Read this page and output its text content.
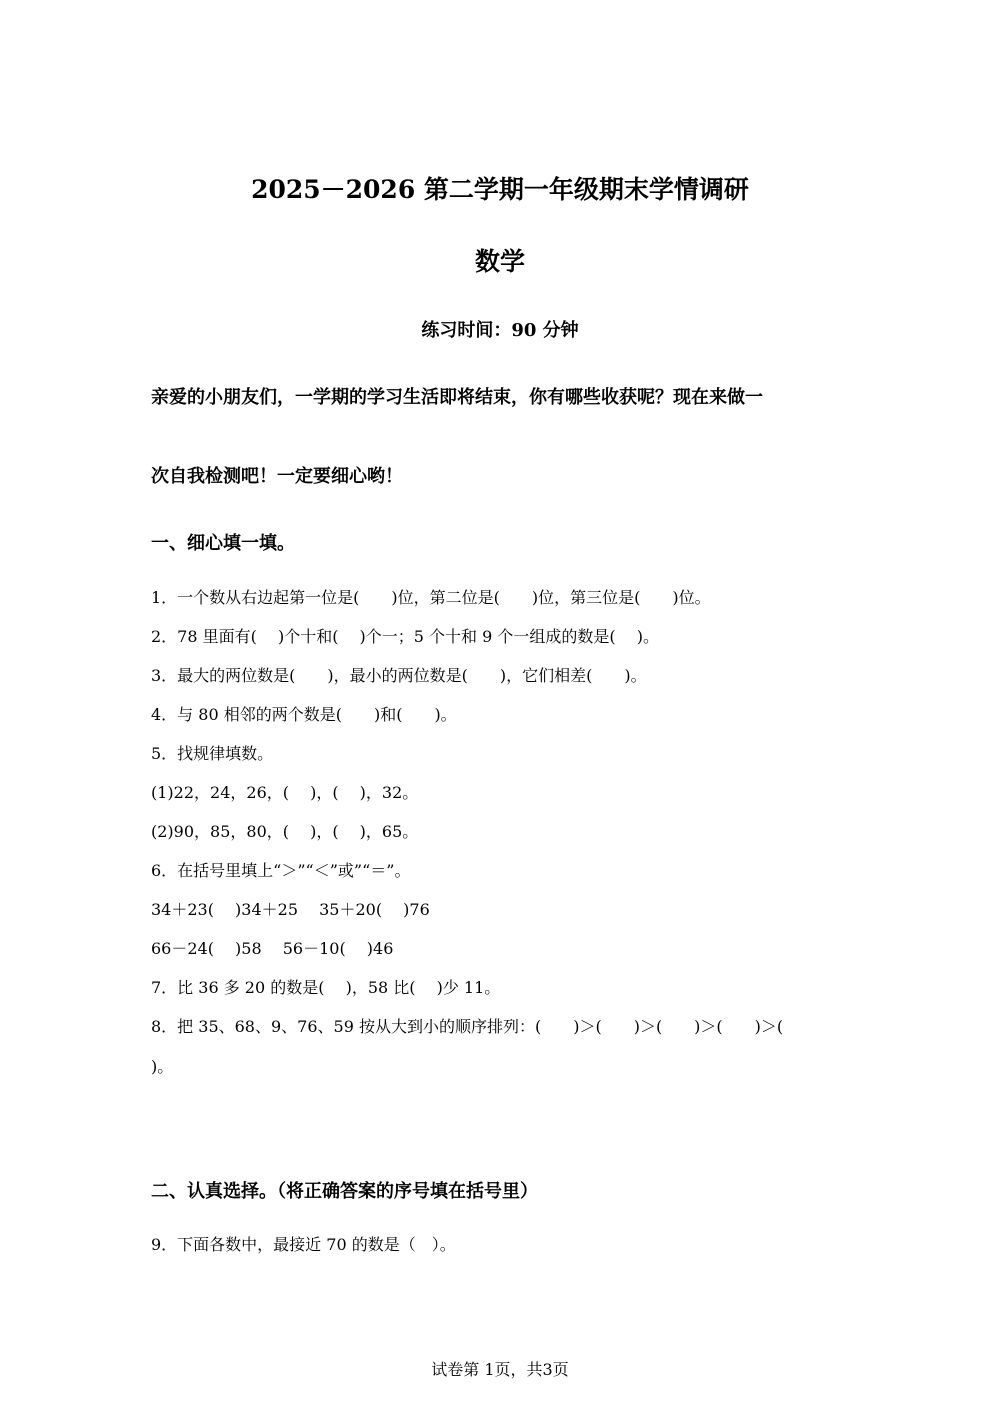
2025－2026 第二学期一年级期末学情调研
数学
练习时间：90 分钟
亲爱的小朋友们，一学期的学习生活即将结束，你有哪些收获呢？现在来做一
次自我检测吧！一定要细心哟！
一、细心填一填。
1．一个数从右边起第一位是(　　)位，第二位是(　　)位，第三位是(　　)位。
2．78 里面有(　 )个十和(　 )个一；5 个十和 9 个一组成的数是(　 )。
3．最大的两位数是(　　)，最小的两位数是(　　)，它们相差(　　)。
4．与 80 相邻的两个数是(　　)和(　　)。
5．找规律填数。
(1)22，24，26，(　 )，(　 )，32。
(2)90，85，80，(　 )，(　 )，65。
6．在括号里填上“＞”“＜”或”“＝”。
34＋23(　 )34＋25　 35＋20(　 )76
66－24(　 )58　 56－10(　 )46
7．比 36 多 20 的数是(　 )，58 比(　 )少 11。
8．把 35、68、9、76、59 按从大到小的顺序排列：(　　)＞(　　)＞(　　)＞(　　)＞(
)。
二、认真选择。（将正确答案的序号填在括号里）
9．下面各数中，最接近 70 的数是（　）。
试卷第 1页，共3页
